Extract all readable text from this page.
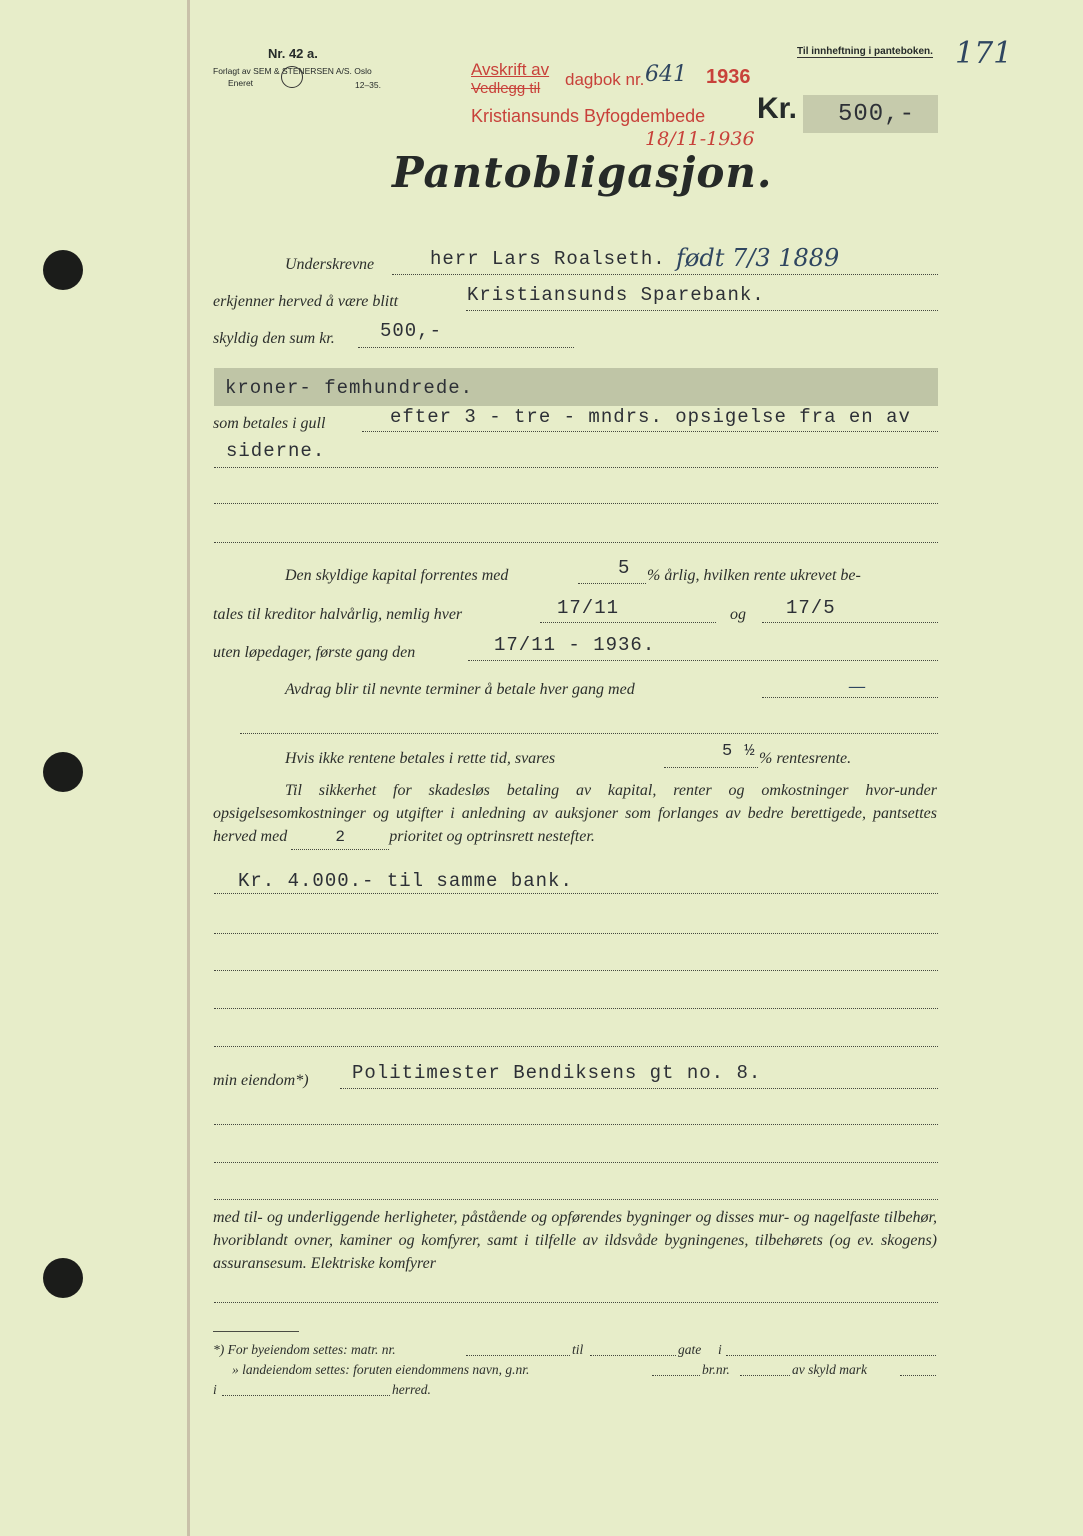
Nr. 42 a.
Forlagt av SEM & STENERSEN A/S. Oslo
Eneret	12–35.
Avskrift av
Vedlegg til dagbok nr. 641 1936
Kristiansunds Byfogdembede
18/11-1936
Til innheftning i panteboken. 171
Kr. 500,-
Pantobligasjon.
Underskrevne	herr Lars Roalseth. født 7/3 1889
erkjenner herved å være blitt	Kristiansunds Sparebank.
skyldig den sum kr. 500,-
kroner- femhundrede.
som betales i gull	efter 3 - tre - mndrs. opsigelse fra en av
siderne.
Den skyldige kapital forrentes med	5 % årlig, hvilken rente ukrevet be-
tales til kreditor halvårlig, nemlig hver	17/11	og 17/5
uten løpedager, første gang den	17/11 - 1936.
Avdrag blir til nevnte terminer å betale hver gang med	—
Hvis ikke rentene betales i rette tid, svares	5 ½ % rentesrente.
Til sikkerhet for skadesløs betaling av kapital, renter og omkostninger hvor-under opsigelsesomkostninger og utgifter i anledning av auksjoner som forlanges av bedre berettigede, pantsettes herved med	2	prioritet og optrinsrett nestefter.
Kr. 4.000.- til samme bank.
min eiendom*) Politimester Bendiksens gt no. 8.
med til- og underliggende herligheter, påstående og opførendes bygninger og disses mur- og nagelfaste tilbehør, hvoriblandt ovner, kaminer og komfyrer, samt i tilfelle av ildsvåde bygningenes, tilbehørets (og ev. skogens) assuransesum. Elektriske komfyrer
*) For byeiendom settes: matr. nr.	til	gate i
» landeiendom settes: foruten eiendommens navn, g.nr.	br.nr.	av skyld mark
i	herred.
